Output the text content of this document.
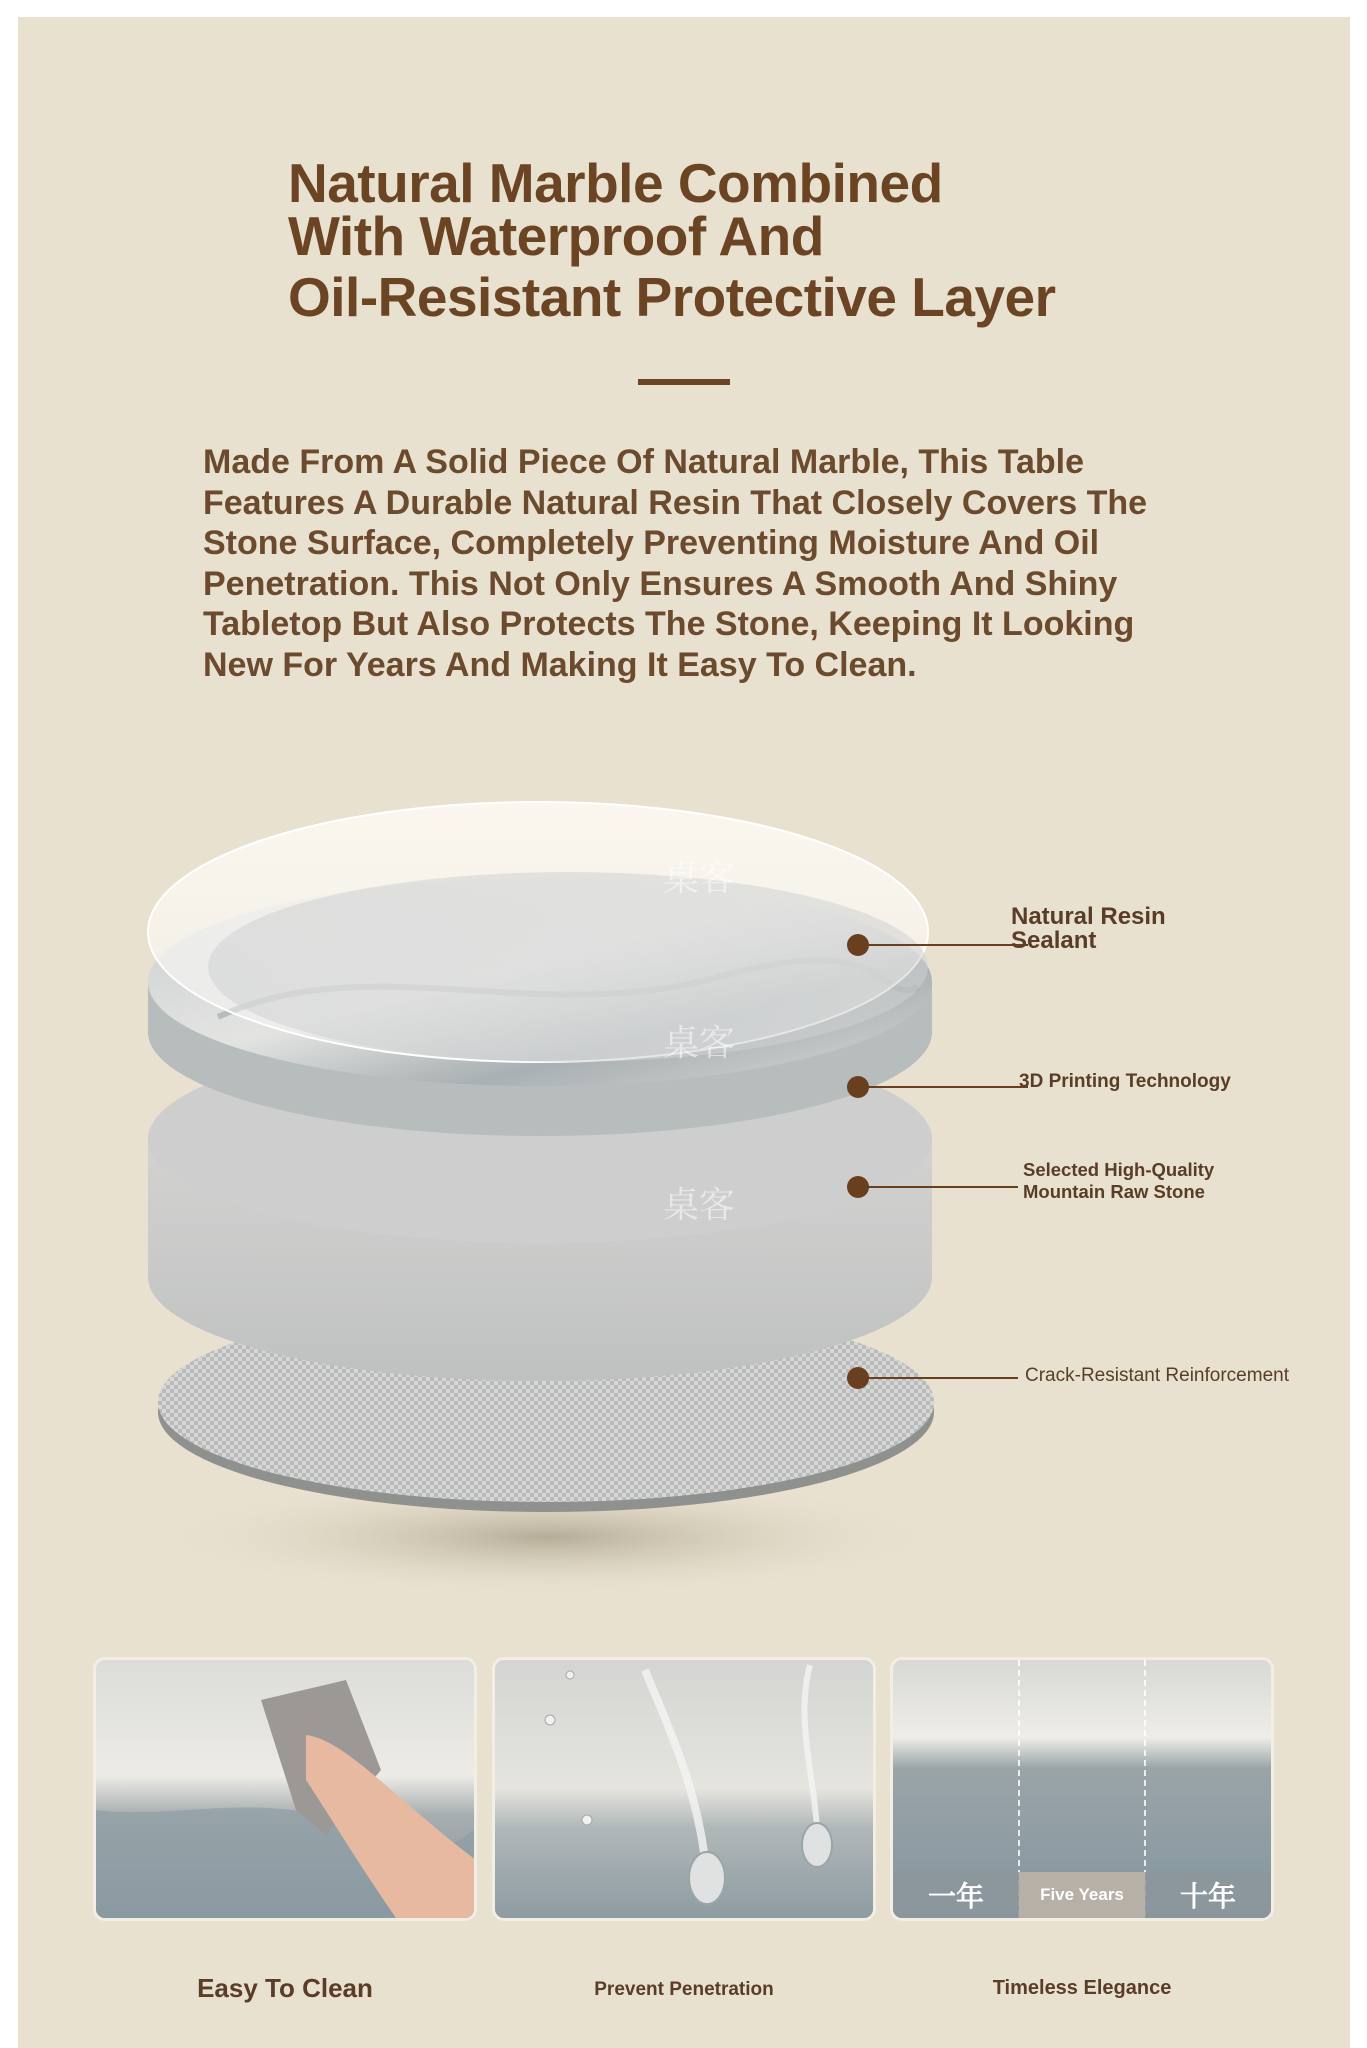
Natural Marble Combined
With Waterproof And
Oil-Resistant Protective Layer
Made From A Solid Piece Of Natural Marble, This Table Features A Durable Natural Resin That Closely Covers The Stone Surface, Completely Preventing Moisture And Oil Penetration. This Not Only Ensures A Smooth And Shiny Tabletop But Also Protects The Stone, Keeping It Looking New For Years And Making It Easy To Clean.
桌客
桌客
桌客
Natural Resin Sealant
3D Printing Technology
Selected High-Quality
Mountain Raw Stone
Crack-Resistant Reinforcement
一年	Five Years	十年
Easy To Clean	Prevent Penetration	Timeless Elegance
